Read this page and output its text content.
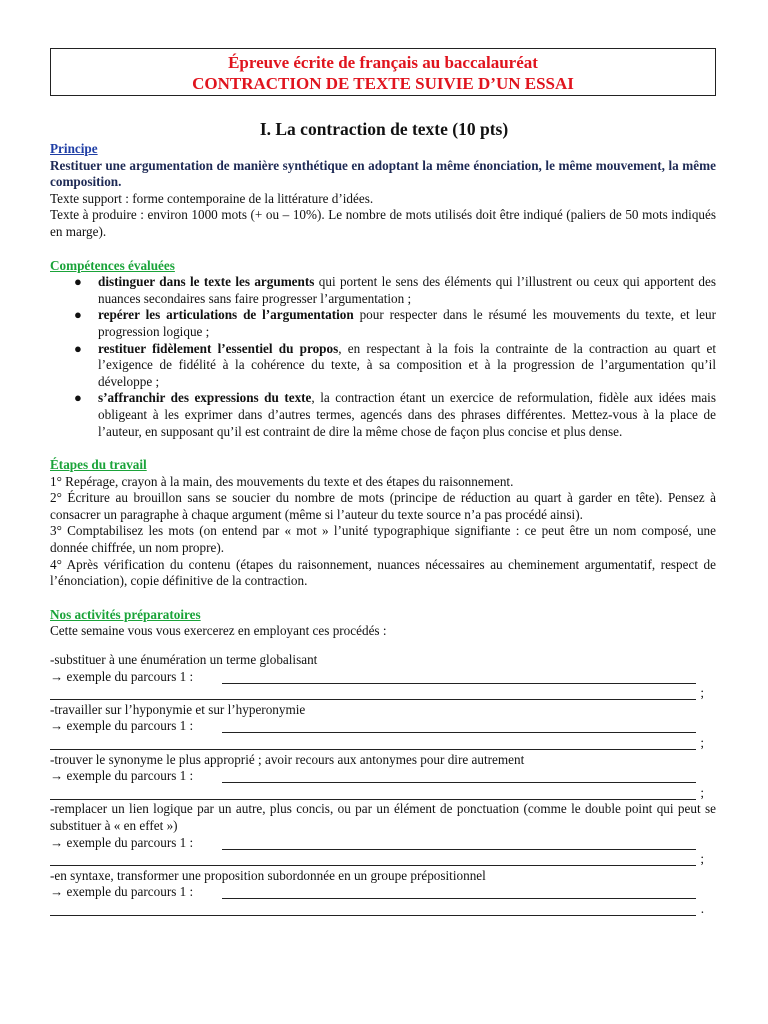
Épreuve écrite de français au baccalauréat
CONTRACTION DE TEXTE SUIVIE D’UN ESSAI
I. La contraction de texte (10 pts)
Principe

Restituer une argumentation de manière synthétique en adoptant la même énonciation, le même mouvement, la même composition.

Texte support : forme contemporaine de la littérature d’idées.

Texte à produire : environ 1000 mots (+ ou – 10%). Le nombre de mots utilisés doit être indiqué (paliers de 50 mots indiqués en marge).

Compétences évaluées
● distinguer dans le texte les arguments qui portent le sens des éléments qui l’illustrent ou ceux qui apportent des nuances secondaires sans faire progresser l’argumentation ;
● repérer les articulations de l’argumentation pour respecter dans le résumé les mouvements du texte, et leur progression logique ;
● restituer fidèlement l’essentiel du propos, en respectant à la fois la contrainte de la contraction au quart et l’exigence de fidélité à la cohérence du texte, à sa composition et à la progression de l’argumentation qu’il développe ;
● s’affranchir des expressions du texte, la contraction étant un exercice de reformulation, fidèle aux idées mais obligeant à les exprimer dans d’autres termes, agencés dans des phrases différentes. Mettez-vous à la place de l’auteur, en supposant qu’il est contraint de dire la même chose de façon plus concise et plus dense.
Étapes du travail

1° Repérage, crayon à la main, des mouvements du texte et des étapes du raisonnement.

2° Écriture au brouillon sans se soucier du nombre de mots (principe de réduction au quart à garder en tête). Pensez à consacrer un paragraphe à chaque argument (même si l’auteur du texte source n’a pas procédé ainsi).

3° Comptabilisez les mots (on entend par « mot » l’unité typographique signifiante : ce peut être un nom composé, une donnée chiffrée, un nom propre).

4° Après vérification du contenu (étapes du raisonnement, nuances nécessaires au cheminement argumentatif, respect de l’énonciation), copie définitive de la contraction.

Nos activités préparatoires

Cette semaine vous vous exercerez en employant ces procédés :

-substituer à une énumération un terme globalisant

→ exemple du parcours 1 :
;

-travailler sur l’hyponymie et sur l’hyperonymie

→ exemple du parcours 1 :
;

-trouver le synonyme le plus approprié ; avoir recours aux antonymes pour dire autrement

→ exemple du parcours 1 :
;

-remplacer un lien logique par un autre, plus concis, ou par un élément de ponctuation (comme le double point qui peut se substituer à « en effet »)

→ exemple du parcours 1 :
;

-en syntaxe, transformer une proposition subordonnée en un groupe prépositionnel

→ exemple du parcours 1 :
.
